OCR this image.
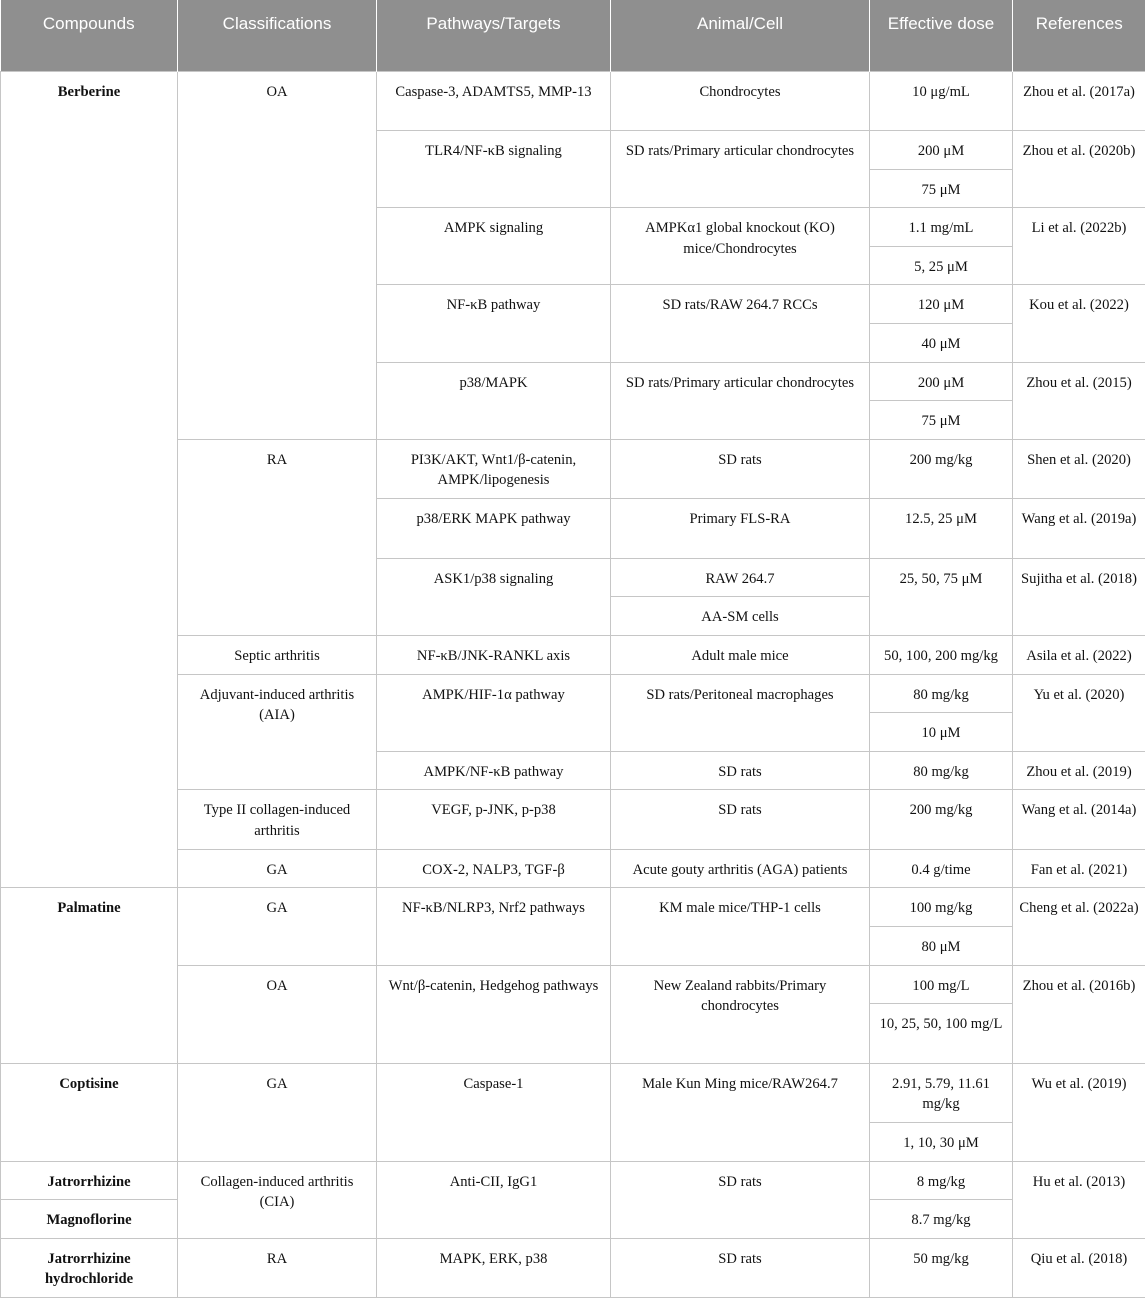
Compounds	Classifications	Pathways/Targets	Animal/Cell	Effective dose	References
Berberine	OA	Caspase-3, ADAMTS5, MMP-13	Chondrocytes	10 μg/mL	Zhou et al. (2017a)
		TLR4/NF-κB signaling	SD rats/Primary articular chondrocytes	200 μM	Zhou et al. (2020b)
				75 μM	
		AMPK signaling	AMPKα1 global knockout (KO) mice/Chondrocytes	1.1 mg/mL	Li et al. (2022b)
				5, 25 μM	
		NF-κB pathway	SD rats/RAW 264.7 RCCs	120 μM	Kou et al. (2022)
				40 μM	
		p38/MAPK	SD rats/Primary articular chondrocytes	200 μM	Zhou et al. (2015)
				75 μM	
	RA	PI3K/AKT, Wnt1/β-catenin, AMPK/lipogenesis	SD rats	200 mg/kg	Shen et al. (2020)
		p38/ERK MAPK pathway	Primary FLS-RA	12.5, 25 μM	Wang et al. (2019a)
		ASK1/p38 signaling	RAW 264.7	25, 50, 75 μM	Sujitha et al. (2018)
			AA-SM cells		
	Septic arthritis	NF-κB/JNK-RANKL axis	Adult male mice	50, 100, 200 mg/kg	Asila et al. (2022)
	Adjuvant-induced arthritis (AIA)	AMPK/HIF-1α pathway	SD rats/Peritoneal macrophages	80 mg/kg	Yu et al. (2020)
				10 μM	
		AMPK/NF-κB pathway	SD rats	80 mg/kg	Zhou et al. (2019)
	Type II collagen-induced arthritis	VEGF, p-JNK, p-p38	SD rats	200 mg/kg	Wang et al. (2014a)
	GA	COX-2, NALP3, TGF-β	Acute gouty arthritis (AGA) patients	0.4 g/time	Fan et al. (2021)
Palmatine	GA	NF-κB/NLRP3, Nrf2 pathways	KM male mice/THP-1 cells	100 mg/kg	Cheng et al. (2022a)
				80 μM	
	OA	Wnt/β-catenin, Hedgehog pathways	New Zealand rabbits/Primary chondrocytes	100 mg/L	Zhou et al. (2016b)
				10, 25, 50, 100 mg/L	
Coptisine	GA	Caspase-1	Male Kun Ming mice/RAW264.7	2.91, 5.79, 11.61 mg/kg	Wu et al. (2019)
				1, 10, 30 μM	
Jatrorrhizine	Collagen-induced arthritis (CIA)	Anti-CII, IgG1	SD rats	8 mg/kg	Hu et al. (2013)
Magnoflorine				8.7 mg/kg	
Jatrorrhizine hydrochloride	RA	MAPK, ERK, p38	SD rats	50 mg/kg	Qiu et al. (2018)
